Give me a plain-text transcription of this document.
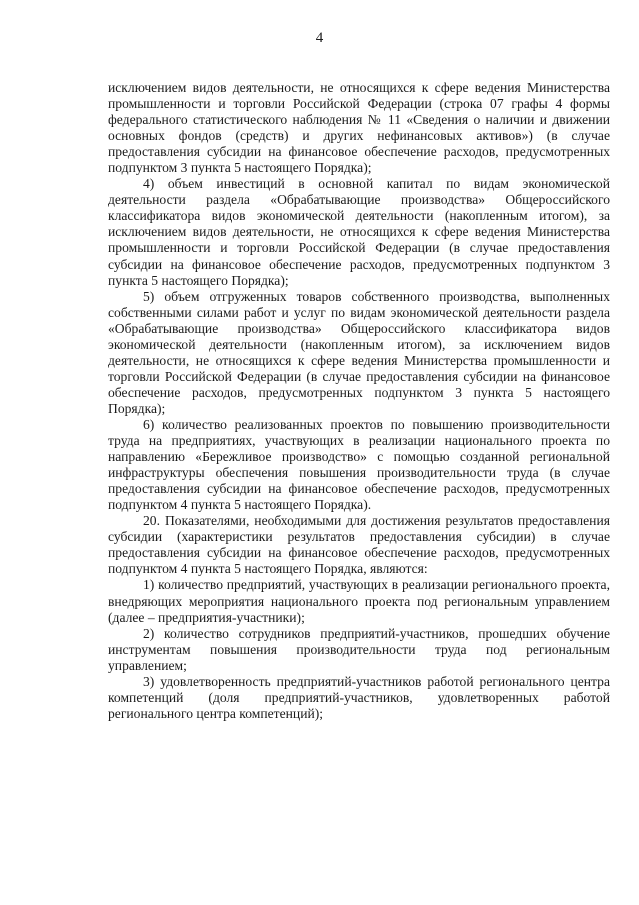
4

исключением видов деятельности, не относящихся к сфере ведения Министерства промышленности и торговли Российской Федерации (строка 07 графы 4 формы федерального статистического наблюдения № 11 «Сведения о наличии и движении основных фондов (средств) и других нефинансовых активов») (в случае предоставления субсидии на финансовое обеспечение расходов, предусмотренных подпунктом 3 пункта 5 настоящего Порядка);

4) объем инвестиций в основной капитал по видам экономической деятельности раздела «Обрабатывающие производства» Общероссийского классификатора видов экономической деятельности (накопленным итогом), за исключением видов деятельности, не относящихся к сфере ведения Министерства промышленности и торговли Российской Федерации (в случае предоставления субсидии на финансовое обеспечение расходов, предусмотренных подпунктом 3 пункта 5 настоящего Порядка);

5) объем отгруженных товаров собственного производства, выполненных собственными силами работ и услуг по видам экономической деятельности раздела «Обрабатывающие производства» Общероссийского классификатора видов экономической деятельности (накопленным итогом), за исключением видов деятельности, не относящихся к сфере ведения Министерства промышленности и торговли Российской Федерации (в случае предоставления субсидии на финансовое обеспечение расходов, предусмотренных подпунктом 3 пункта 5 настоящего Порядка);

6) количество реализованных проектов по повышению производительности труда на предприятиях, участвующих в реализации национального проекта по направлению «Бережливое производство» с помощью созданной региональной инфраструктуры обеспечения повышения производительности труда (в случае предоставления субсидии на финансовое обеспечение расходов, предусмотренных подпунктом 4 пункта 5 настоящего Порядка).

20. Показателями, необходимыми для достижения результатов предоставления субсидии (характеристики результатов предоставления субсидии) в случае предоставления субсидии на финансовое обеспечение расходов, предусмотренных подпунктом 4 пункта 5 настоящего Порядка, являются:

1) количество предприятий, участвующих в реализации регионального проекта, внедряющих мероприятия национального проекта под региональным управлением (далее – предприятия-участники);

2) количество сотрудников предприятий-участников, прошедших обучение инструментам повышения производительности труда под региональным управлением;

3) удовлетворенность предприятий-участников работой регионального центра компетенций (доля предприятий-участников, удовлетворенных работой регионального центра компетенций);
